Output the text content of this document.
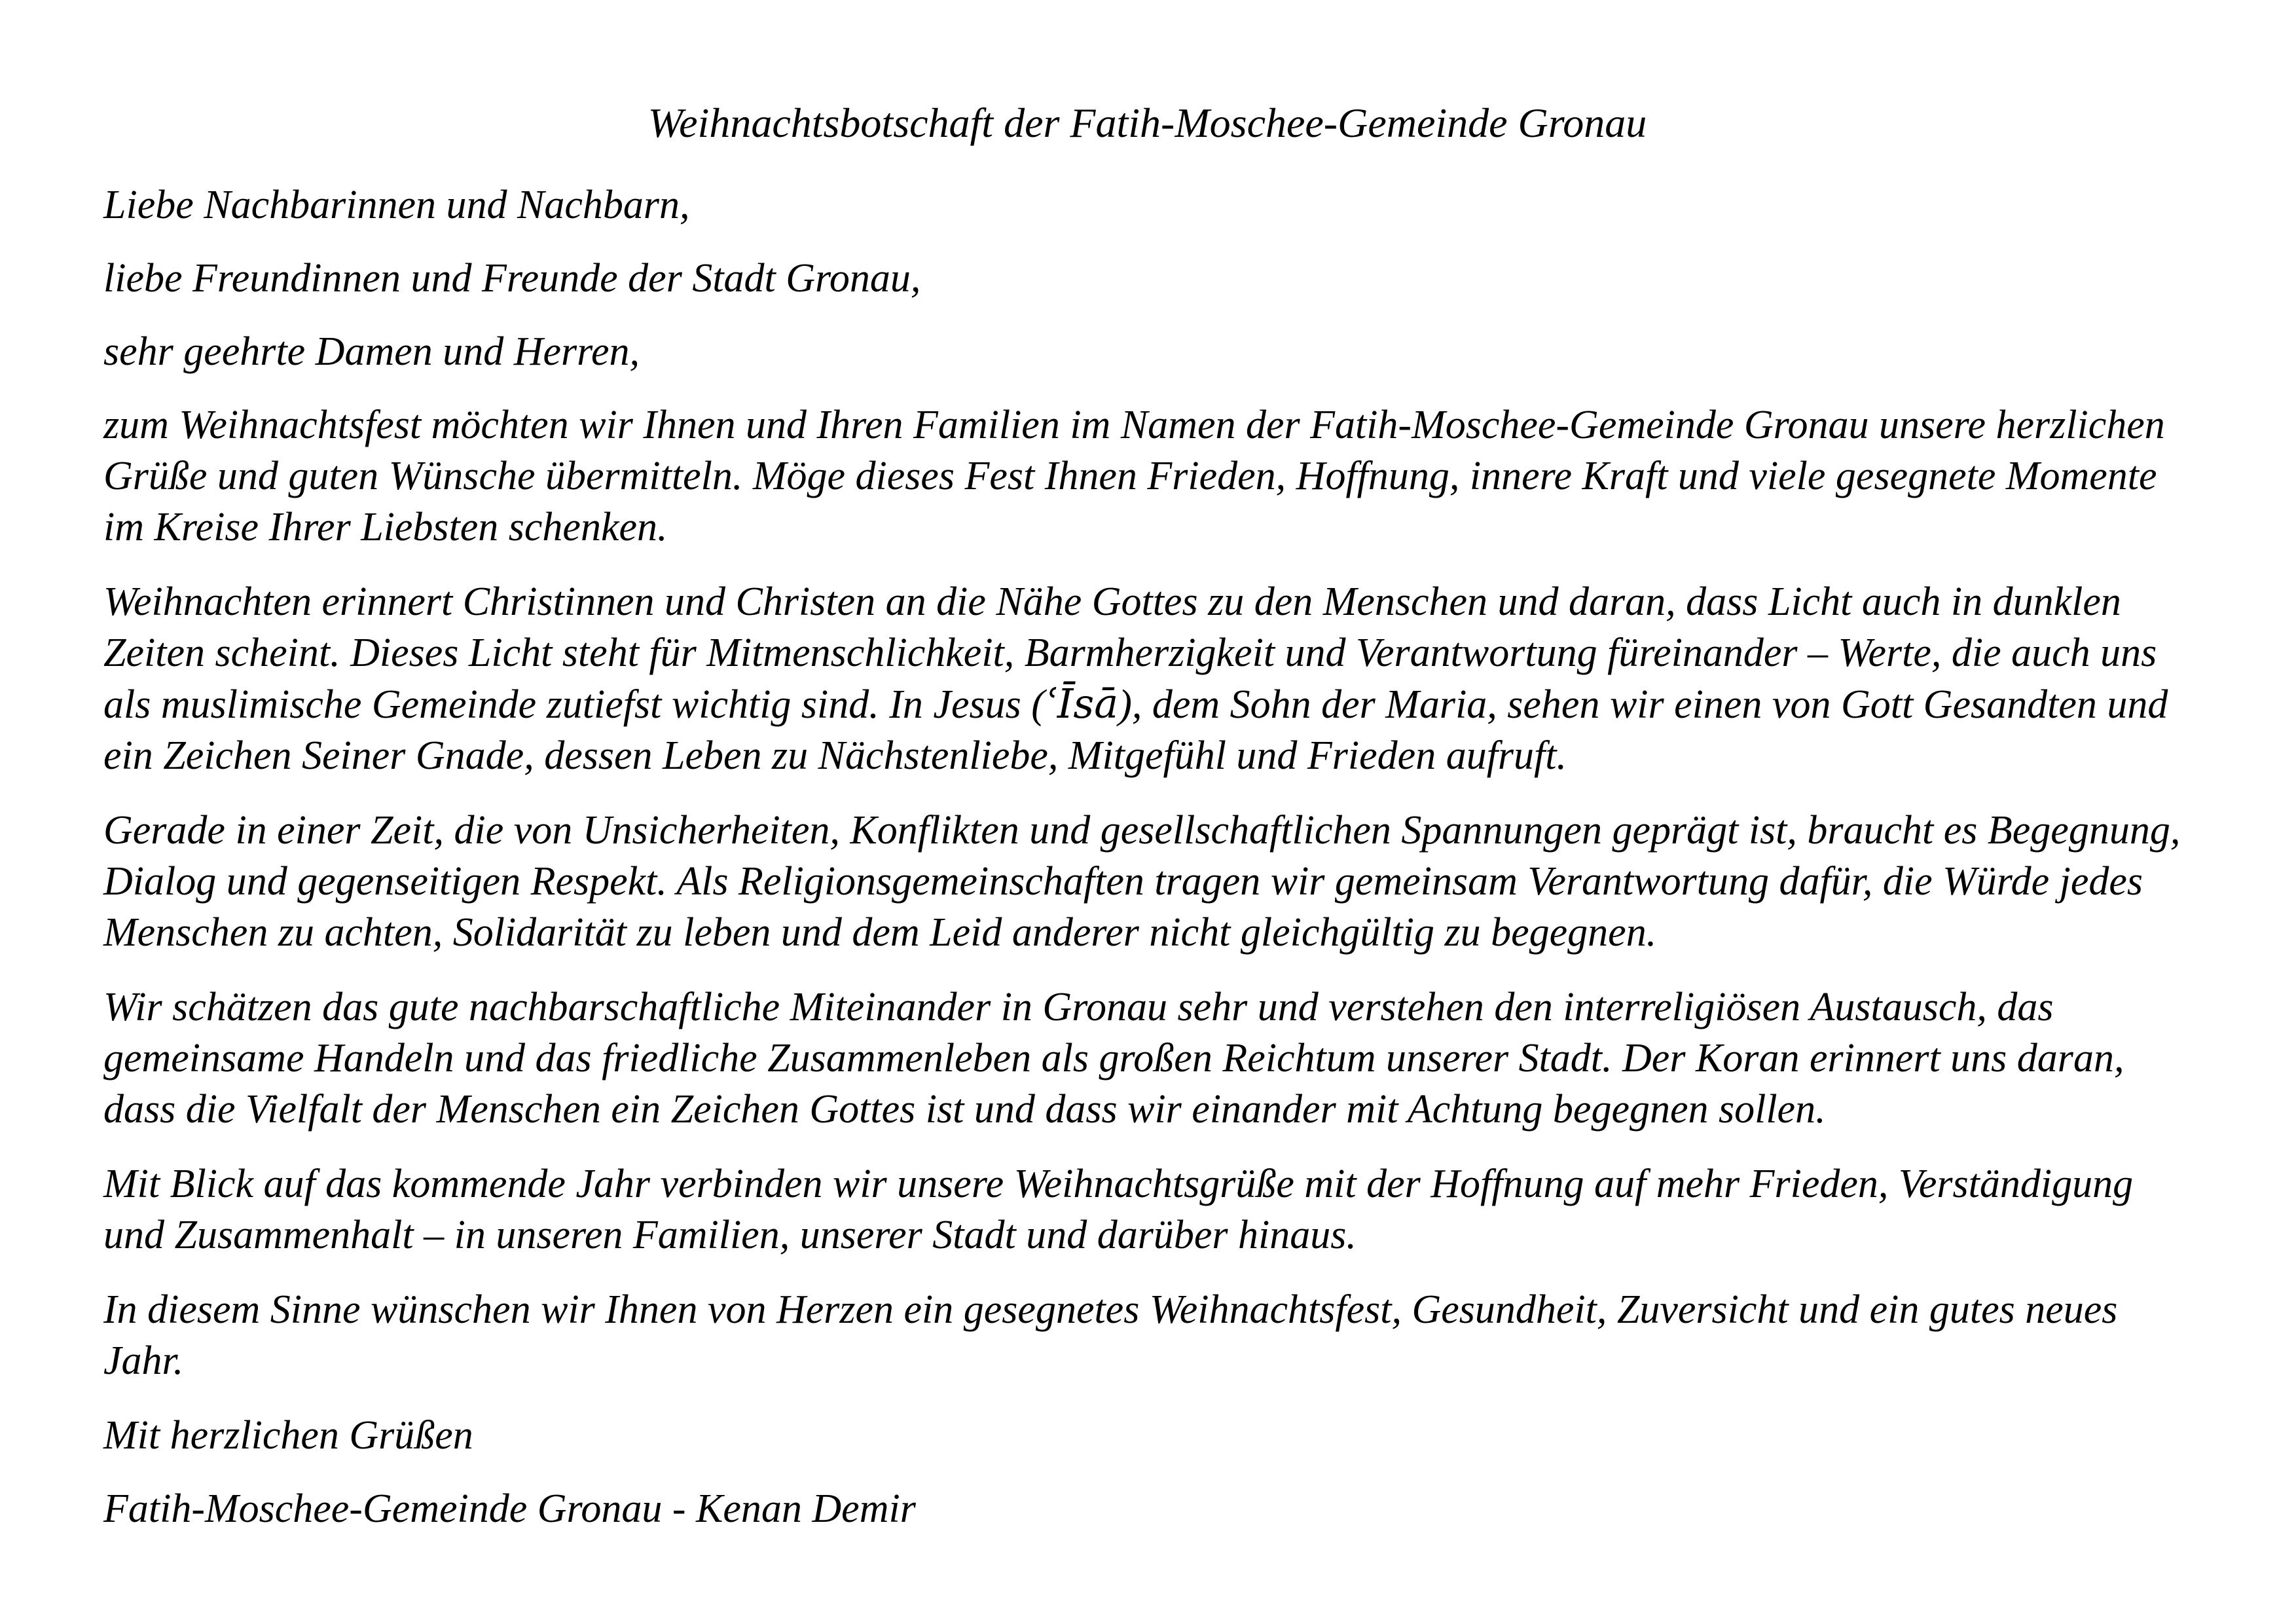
Weihnachtsbotschaft der Fatih-Moschee-Gemeinde Gronau

Liebe Nachbarinnen und Nachbarn,

liebe Freundinnen und Freunde der Stadt Gronau,

sehr geehrte Damen und Herren,

zum Weihnachtsfest möchten wir Ihnen und Ihren Familien im Namen der Fatih-Moschee-Gemeinde Gronau unsere herzlichen Grüße und guten Wünsche übermitteln. Möge dieses Fest Ihnen Frieden, Hoffnung, innere Kraft und viele gesegnete Momente im Kreise Ihrer Liebsten schenken.

Weihnachten erinnert Christinnen und Christen an die Nähe Gottes zu den Menschen und daran, dass Licht auch in dunklen Zeiten scheint. Dieses Licht steht für Mitmenschlichkeit, Barmherzigkeit und Verantwortung füreinander – Werte, die auch uns als muslimische Gemeinde zutiefst wichtig sind. In Jesus (ʿĪsā), dem Sohn der Maria, sehen wir einen von Gott Gesandten und ein Zeichen Seiner Gnade, dessen Leben zu Nächstenliebe, Mitgefühl und Frieden aufruft.

Gerade in einer Zeit, die von Unsicherheiten, Konflikten und gesellschaftlichen Spannungen geprägt ist, braucht es Begegnung, Dialog und gegenseitigen Respekt. Als Religionsgemeinschaften tragen wir gemeinsam Verantwortung dafür, die Würde jedes Menschen zu achten, Solidarität zu leben und dem Leid anderer nicht gleichgültig zu begegnen.

Wir schätzen das gute nachbarschaftliche Miteinander in Gronau sehr und verstehen den interreligiösen Austausch, das gemeinsame Handeln und das friedliche Zusammenleben als großen Reichtum unserer Stadt. Der Koran erinnert uns daran, dass die Vielfalt der Menschen ein Zeichen Gottes ist und dass wir einander mit Achtung begegnen sollen.

Mit Blick auf das kommende Jahr verbinden wir unsere Weihnachtsgrüße mit der Hoffnung auf mehr Frieden, Verständigung und Zusammenhalt – in unseren Familien, unserer Stadt und darüber hinaus.

In diesem Sinne wünschen wir Ihnen von Herzen ein gesegnetes Weihnachtsfest, Gesundheit, Zuversicht und ein gutes neues Jahr.

Mit herzlichen Grüßen

Fatih-Moschee-Gemeinde Gronau - Kenan Demir
